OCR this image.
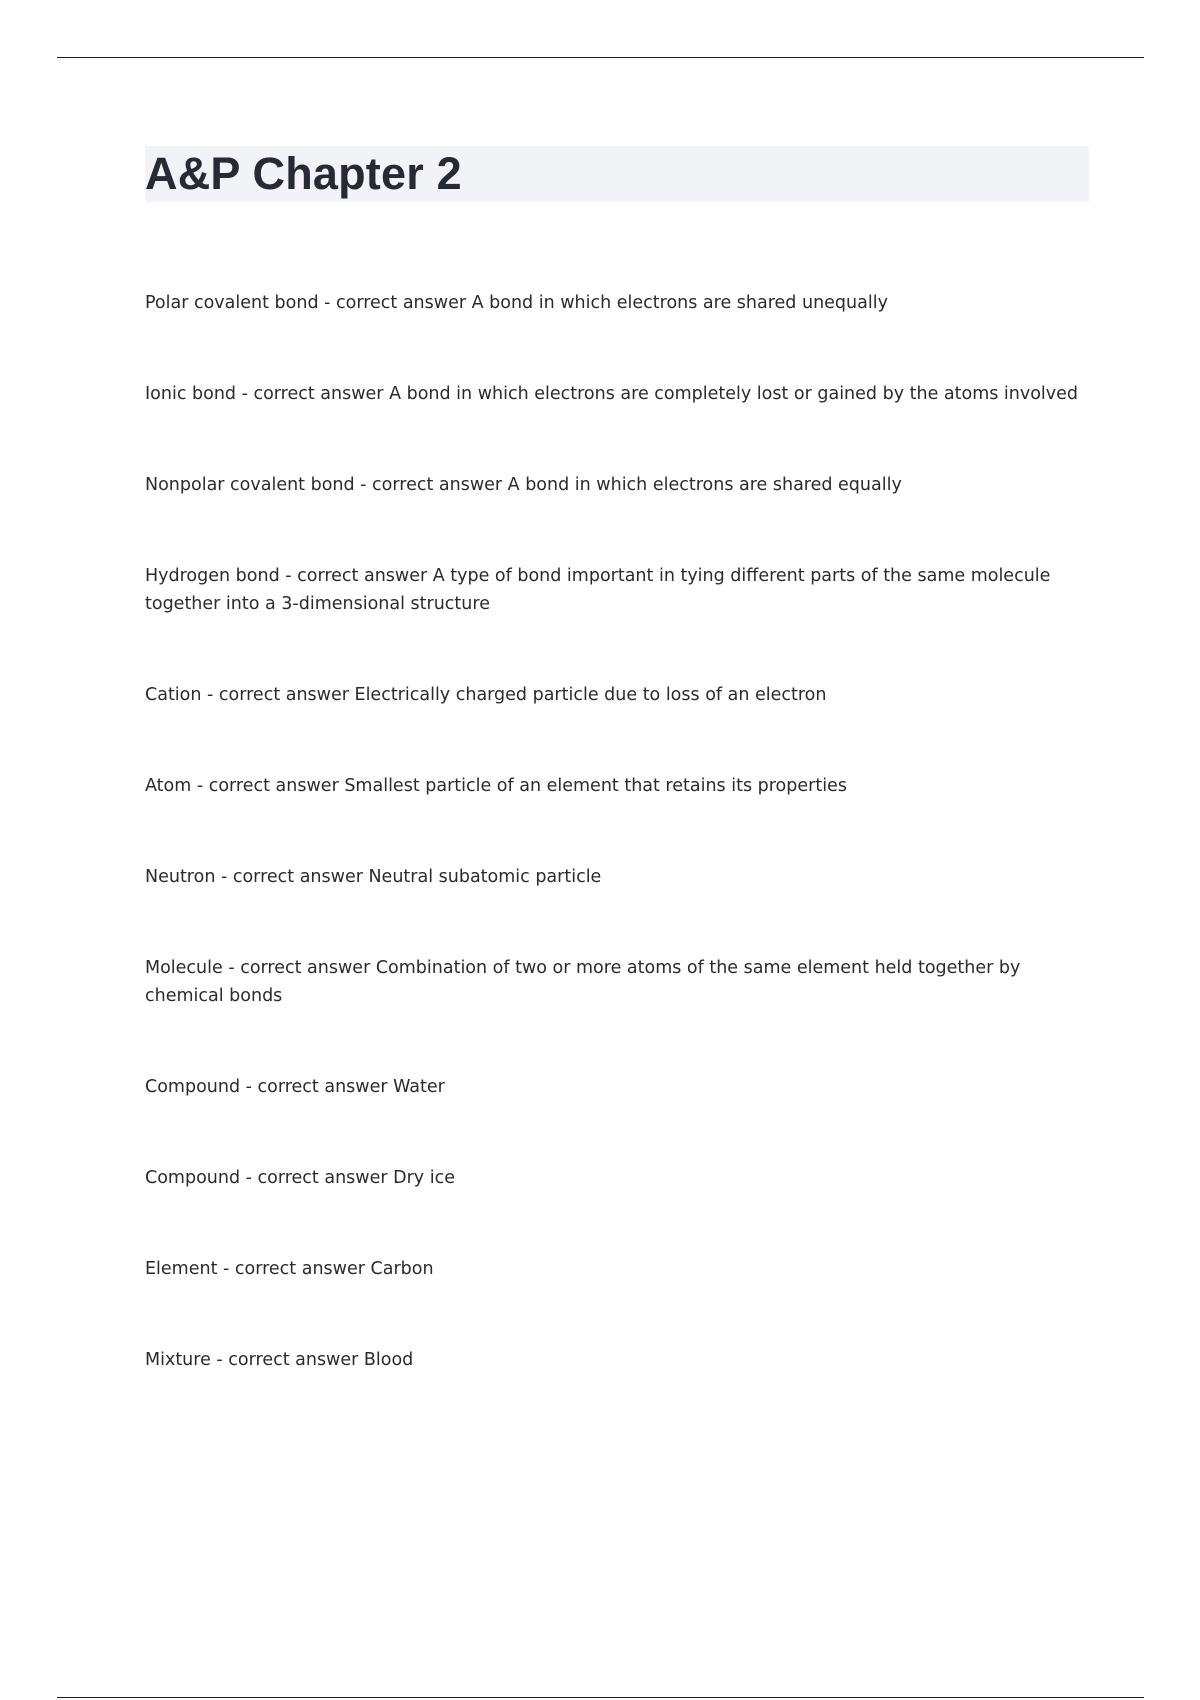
A&P Chapter 2
Polar covalent bond - correct answer A bond in which electrons are shared unequally
Ionic bond - correct answer A bond in which electrons are completely lost or gained by the atoms involved
Nonpolar covalent bond - correct answer A bond in which electrons are shared equally
Hydrogen bond - correct answer A type of bond important in tying different parts of the same molecule together into a 3-dimensional structure
Cation - correct answer Electrically charged particle due to loss of an electron
Atom - correct answer Smallest particle of an element that retains its properties
Neutron - correct answer Neutral subatomic particle
Molecule - correct answer Combination of two or more atoms of the same element held together by chemical bonds
Compound - correct answer Water
Compound - correct answer Dry ice
Element - correct answer Carbon
Mixture - correct answer Blood
